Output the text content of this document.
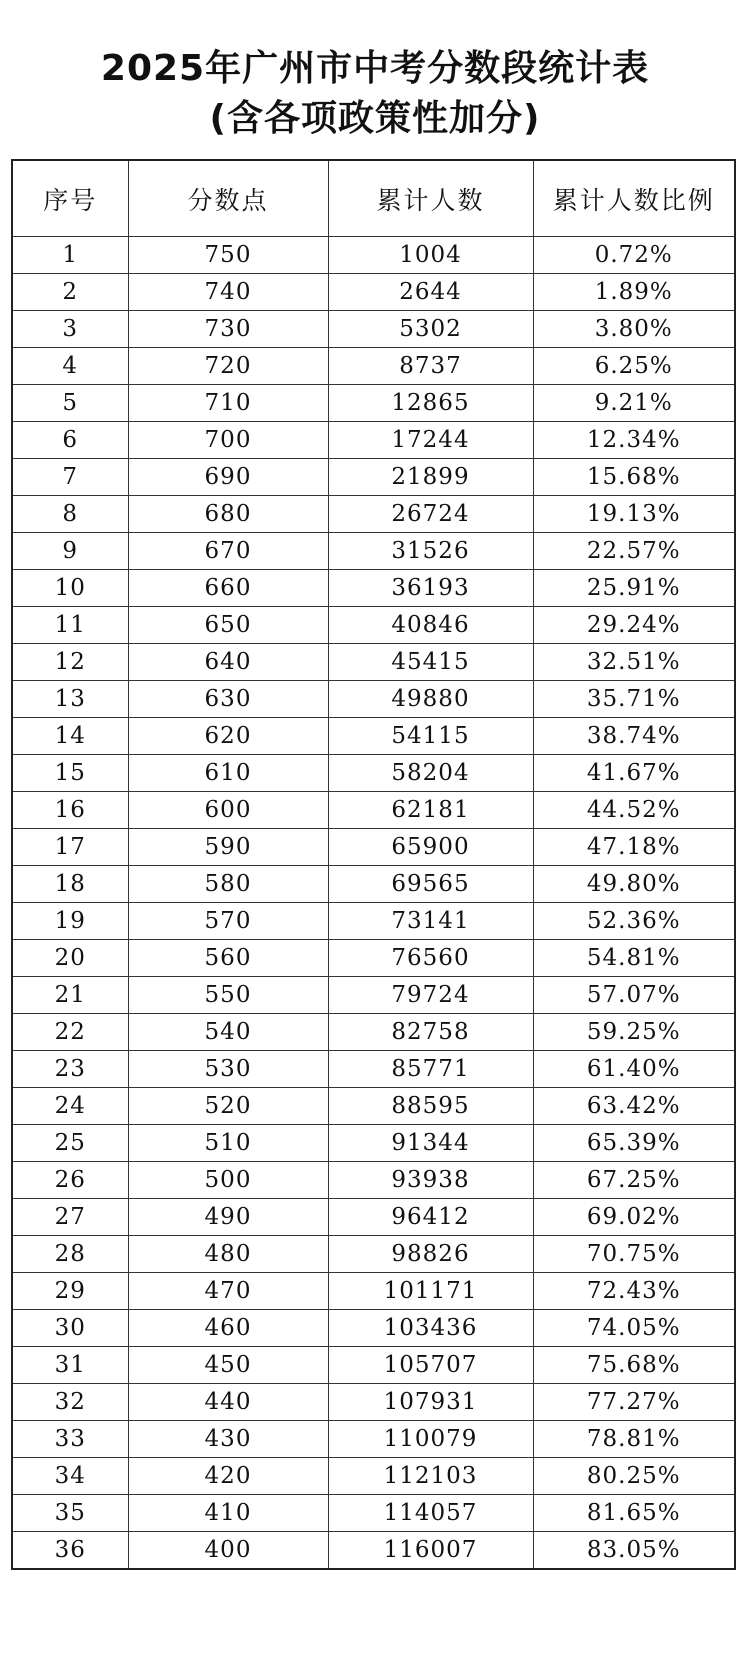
2025年广州市中考分数段统计表
(含各项政策性加分)
序号	分数点	累计人数	累计人数比例
1	750	1004	0.72%
2	740	2644	1.89%
3	730	5302	3.80%
4	720	8737	6.25%
5	710	12865	9.21%
6	700	17244	12.34%
7	690	21899	15.68%
8	680	26724	19.13%
9	670	31526	22.57%
10	660	36193	25.91%
11	650	40846	29.24%
12	640	45415	32.51%
13	630	49880	35.71%
14	620	54115	38.74%
15	610	58204	41.67%
16	600	62181	44.52%
17	590	65900	47.18%
18	580	69565	49.80%
19	570	73141	52.36%
20	560	76560	54.81%
21	550	79724	57.07%
22	540	82758	59.25%
23	530	85771	61.40%
24	520	88595	63.42%
25	510	91344	65.39%
26	500	93938	67.25%
27	490	96412	69.02%
28	480	98826	70.75%
29	470	101171	72.43%
30	460	103436	74.05%
31	450	105707	75.68%
32	440	107931	77.27%
33	430	110079	78.81%
34	420	112103	80.25%
35	410	114057	81.65%
36	400	116007	83.05%
